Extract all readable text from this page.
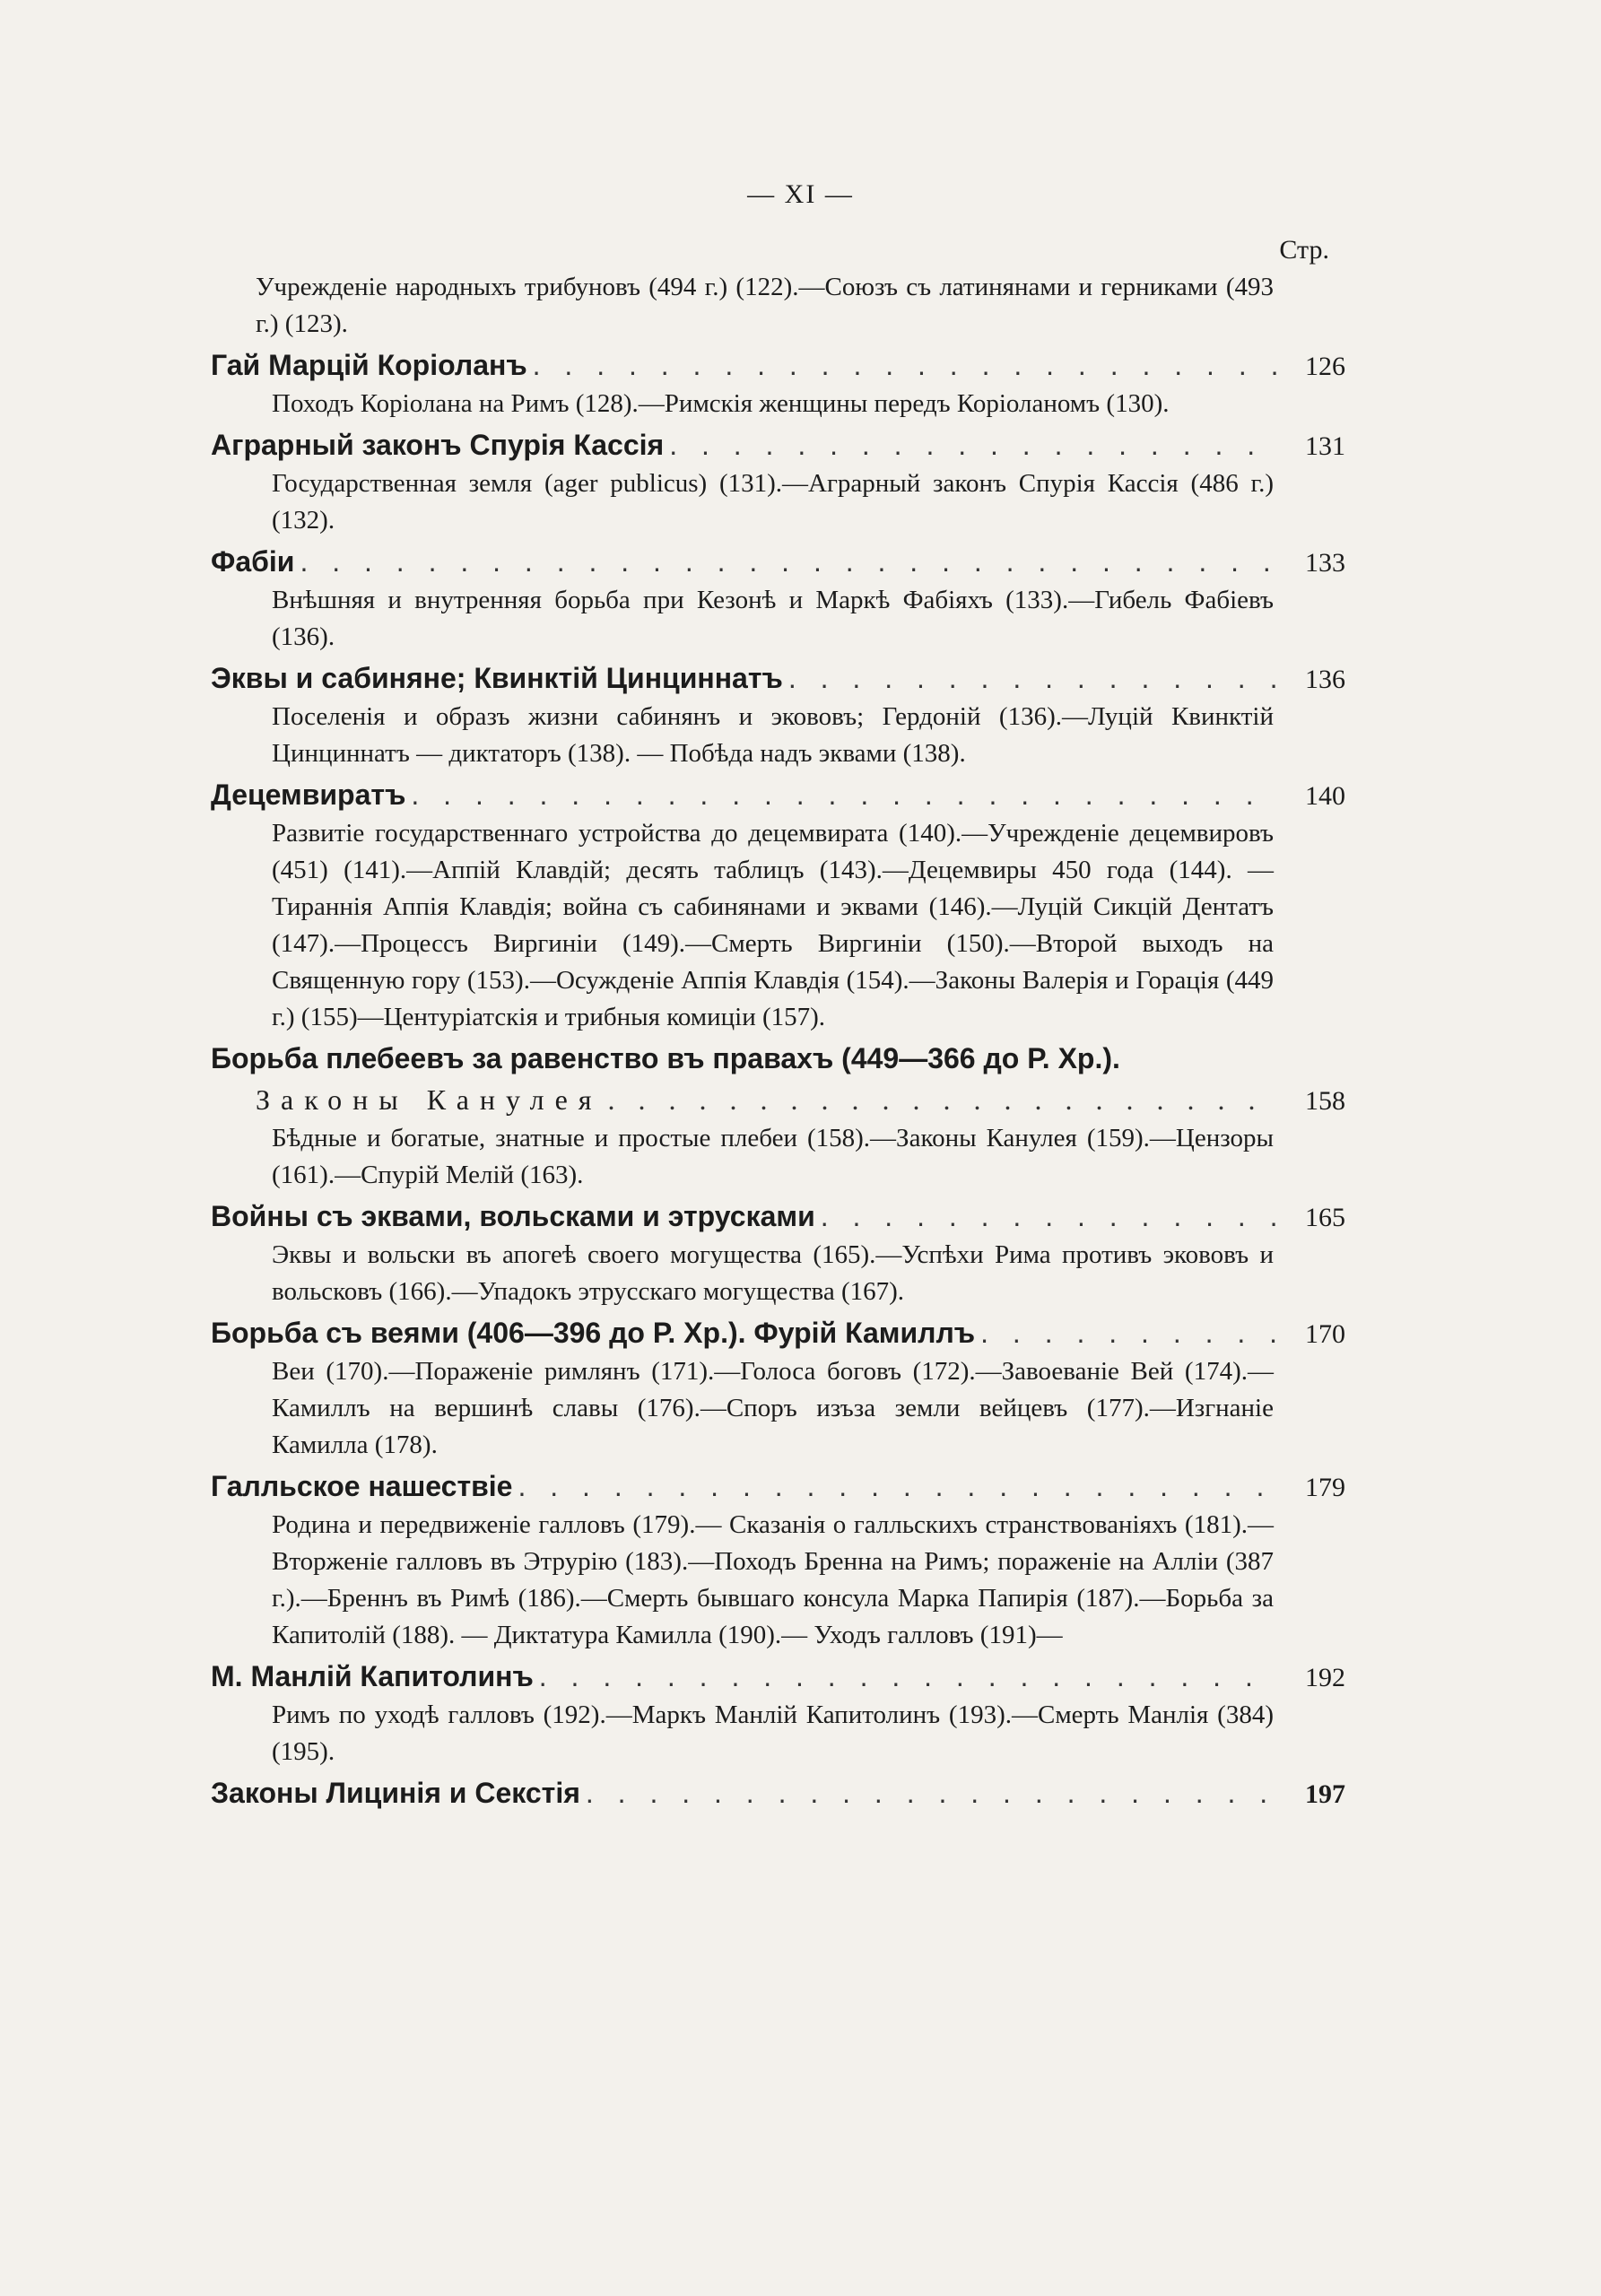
— XI —
Стр.
Учрежденіе народныхъ трибуновъ (494 г.) (122).—Союзъ съ латинянами и герниками (493 г.) (123).
Гай Марцій Коріоланъ . . .	126
Походъ Коріолана на Римъ (128).—Римскія женщины передъ Коріоланомъ (130).
Аграрный законъ Спурія Кассія . . .	131
Государственная земля (ager publicus) (131).—Аграрный законъ Спурія Кассія (486 г.) (132).
Фабіи . . .	133
Внѣшняя и внутренняя борьба при Кезонѣ и Маркѣ Фабіяхъ (133).—Гибель Фабіевъ (136).
Эквы и сабиняне; Квинктій Цинциннатъ . . .	136
Поселенія и образъ жизни сабинянъ и экововъ; Гердоній (136).—Луцій Квинктій Цинциннатъ — диктаторъ (138). — Побѣда надъ эквами (138).
Децемвиратъ . . .	140
Развитіе государственнаго устройства до децемвирата (140).—Учрежденіе децемвировъ (451) (141).—Аппій Клавдій; десять таблицъ (143).—Децемвиры 450 года (144). — Тираннія Аппія Клавдія; война съ сабинянами и эквами (146).—Луцій Сикцій Дентатъ (147).—Процессъ Виргиніи (149).—Смерть Виргиніи (150).—Второй выходъ на Священную гору (153).—Осужденіе Аппія Клавдія (154).—Законы Валерія и Горація (449 г.) (155)—Центуріатскія и трибныя комиціи (157).
Борьба плебеевъ за равенство въ правахъ (449—366 до Р. Хр.).
Законы Канулея . . .	158
Бѣдные и богатые, знатные и простые плебеи (158).—Законы Канулея (159).—Цензоры (161).—Спурій Мелій (163).
Войны съ эквами, вольсками и этрусками . . .	165
Эквы и вольски въ апогеѣ своего могущества (165).—Успѣхи Рима противъ экововъ и вольсковъ (166).—Упадокъ этрусскаго могущества (167).
Борьба съ веями (406—396 до Р. Хр.). Фурій Камиллъ . . .	170
Веи (170).—Пораженіе римлянъ (171).—Голоса боговъ (172).—Завоеваніе Вей (174).—Камиллъ на вершинѣ славы (176).—Споръ изъза земли вейцевъ (177).—Изгнаніе Камилла (178).
Галльское нашествіе . . .	179
Родина и передвиженіе галловъ (179).— Сказанія о галльскихъ странствованіяхъ (181).—Вторженіе галловъ въ Этрурію (183).—Походъ Бренна на Римъ; пораженіе на Алліи (387 г.).—Бреннъ въ Римѣ (186).—Смерть бывшаго консула Марка Папирія (187).—Борьба за Капитолій (188). — Диктатура Камилла (190).— Уходъ галловъ (191)—
М. Манлій Капитолинъ . . .	192
Римъ по уходѣ галловъ (192).—Маркъ Манлій Капитолинъ (193).—Смерть Манлія (384) (195).
Законы Лицинія и Секстія . . .	197
